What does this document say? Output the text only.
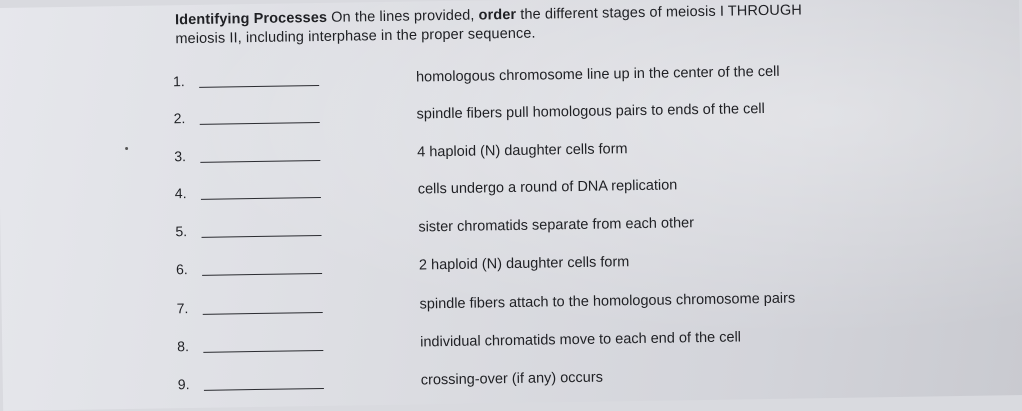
Identifying Processes On the lines provided, order the different stages of meiosis I THROUGH
meiosis II, including interphase in the proper sequence.
1.	homologous chromosome line up in the center of the cell
2.	spindle fibers pull homologous pairs to ends of the cell
3.	4 haploid (N) daughter cells form
4.	cells undergo a round of DNA replication
5.	sister chromatids separate from each other
6.	2 haploid (N) daughter cells form
7.	spindle fibers attach to the homologous chromosome pairs
8.	individual chromatids move to each end of the cell
9.	crossing-over (if any) occurs
